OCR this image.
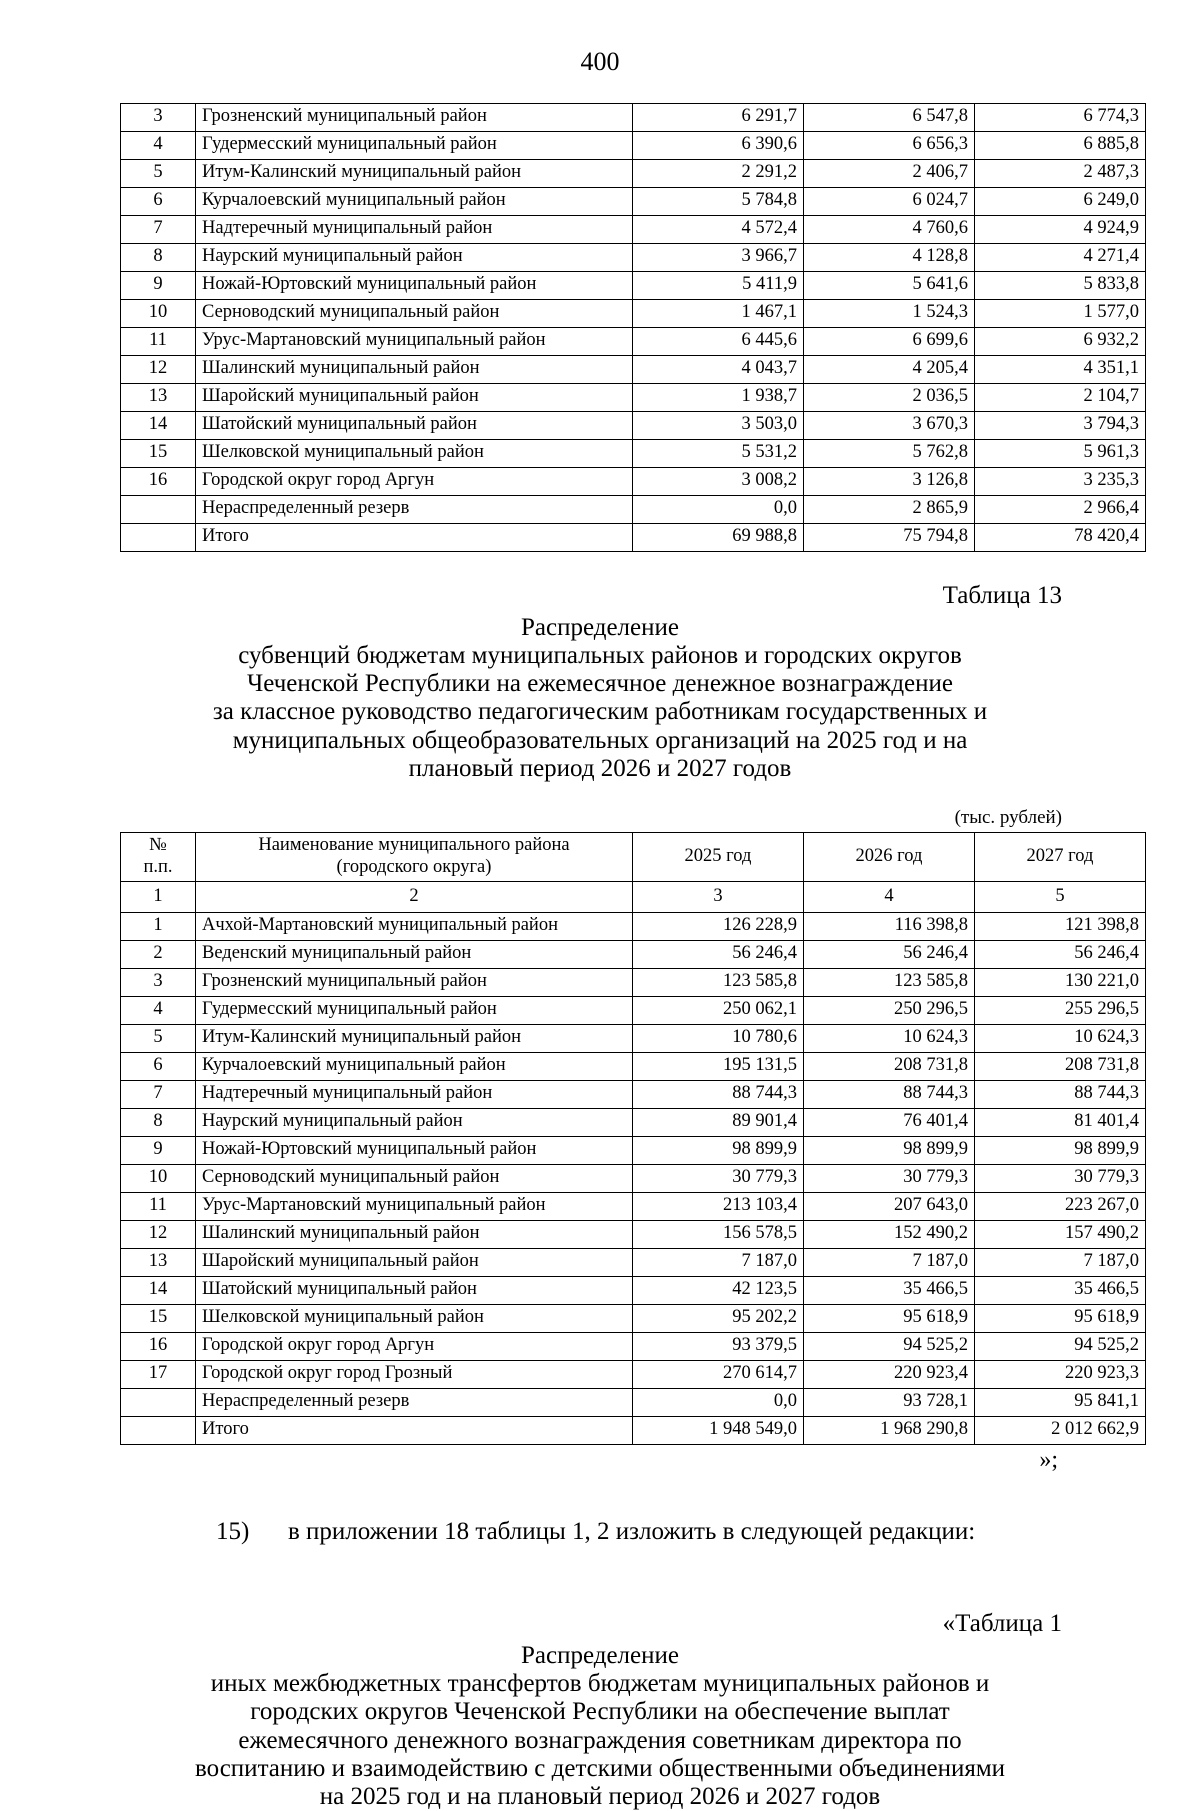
400
3	Грозненский муниципальный район	6 291,7	6 547,8	6 774,3
4	Гудермесский муниципальный район	6 390,6	6 656,3	6 885,8
5	Итум-Калинский муниципальный район	2 291,2	2 406,7	2 487,3
6	Курчалоевский муниципальный район	5 784,8	6 024,7	6 249,0
7	Надтеречный муниципальный район	4 572,4	4 760,6	4 924,9
8	Наурский муниципальный район	3 966,7	4 128,8	4 271,4
9	Ножай-Юртовский муниципальный район	5 411,9	5 641,6	5 833,8
10	Серноводский муниципальный район	1 467,1	1 524,3	1 577,0
11	Урус-Мартановский муниципальный район	6 445,6	6 699,6	6 932,2
12	Шалинский муниципальный район	4 043,7	4 205,4	4 351,1
13	Шаройский муниципальный район	1 938,7	2 036,5	2 104,7
14	Шатойский муниципальный район	3 503,0	3 670,3	3 794,3
15	Шелковской муниципальный район	5 531,2	5 762,8	5 961,3
16	Городской округ город Аргун	3 008,2	3 126,8	3 235,3
	Нераспределенный резерв	0,0	2 865,9	2 966,4
	Итого	69 988,8	75 794,8	78 420,4
Таблица 13
Распределение
субвенций бюджетам муниципальных районов и городских округов
Чеченской Республики на ежемесячное денежное вознаграждение
за классное руководство педагогическим работникам государственных и
муниципальных общеобразовательных организаций на 2025 год и на
плановый период 2026 и 2027 годов
(тыс. рублей)
№
п.п.	Наименование муниципального района
(городского округа)	2025 год	2026 год	2027 год
1	2	3	4	5
1	Ачхой-Мартановский муниципальный район	126 228,9	116 398,8	121 398,8
2	Веденский муниципальный район	56 246,4	56 246,4	56 246,4
3	Грозненский муниципальный район	123 585,8	123 585,8	130 221,0
4	Гудермесский муниципальный район	250 062,1	250 296,5	255 296,5
5	Итум-Калинский муниципальный район	10 780,6	10 624,3	10 624,3
6	Курчалоевский муниципальный район	195 131,5	208 731,8	208 731,8
7	Надтеречный муниципальный район	88 744,3	88 744,3	88 744,3
8	Наурский муниципальный район	89 901,4	76 401,4	81 401,4
9	Ножай-Юртовский муниципальный район	98 899,9	98 899,9	98 899,9
10	Серноводский муниципальный район	30 779,3	30 779,3	30 779,3
11	Урус-Мартановский муниципальный район	213 103,4	207 643,0	223 267,0
12	Шалинский муниципальный район	156 578,5	152 490,2	157 490,2
13	Шаройский муниципальный район	7 187,0	7 187,0	7 187,0
14	Шатойский муниципальный район	42 123,5	35 466,5	35 466,5
15	Шелковской муниципальный район	95 202,2	95 618,9	95 618,9
16	Городской округ город Аргун	93 379,5	94 525,2	94 525,2
17	Городской округ город Грозный	270 614,7	220 923,4	220 923,3
	Нераспределенный резерв	0,0	93 728,1	95 841,1
	Итого	1 948 549,0	1 968 290,8	2 012 662,9
»;

15) в приложении 18 таблицы 1, 2 изложить в следующей редакции:

«Таблица 1
Распределение
иных межбюджетных трансфертов бюджетам муниципальных районов и
городских округов Чеченской Республики на обеспечение выплат
ежемесячного денежного вознаграждения советникам директора по
воспитанию и взаимодействию с детскими общественными объединениями
на 2025 год и на плановый период 2026 и 2027 годов
